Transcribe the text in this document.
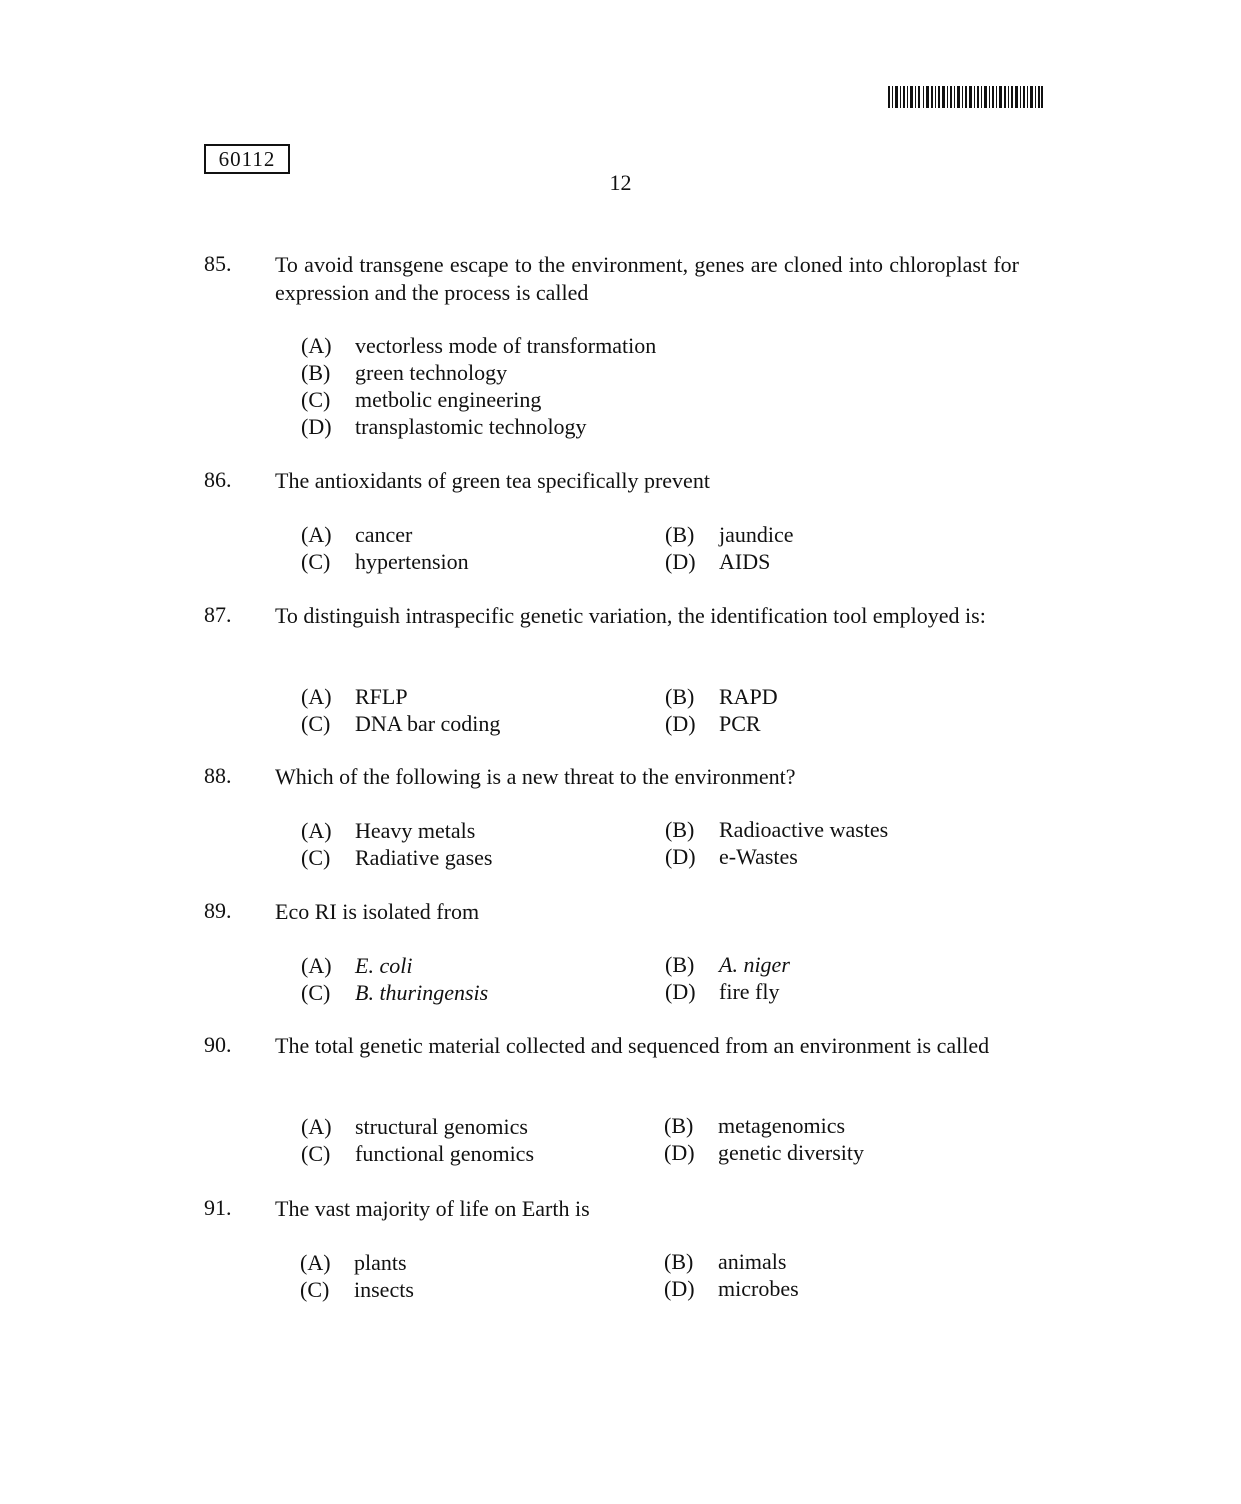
60112
12
85.	To avoid transgene escape to the environment, genes are cloned into chloroplast for expression and the process is called
(A) vectorless mode of transformation
(B) green technology
(C) metbolic engineering
(D) transplastomic technology
86.	The antioxidants of green tea specifically prevent
(A) cancer	(B) jaundice
(C) hypertension	(D) AIDS
87.	To distinguish intraspecific genetic variation, the identification tool employed is:
(A) RFLP	(B) RAPD
(C) DNA bar coding	(D) PCR
88.	Which of the following is a new threat to the environment?
(A) Heavy metals	(B) Radioactive wastes
(C) Radiative gases	(D) e-Wastes
89.	Eco RI is isolated from
(A) E. coli	(B) A. niger
(C) B. thuringensis	(D) fire fly
90.	The total genetic material collected and sequenced from an environment is called
(A) structural genomics	(B) metagenomics
(C) functional genomics	(D) genetic diversity
91.	The vast majority of life on Earth is
(A) plants	(B) animals
(C) insects	(D) microbes
